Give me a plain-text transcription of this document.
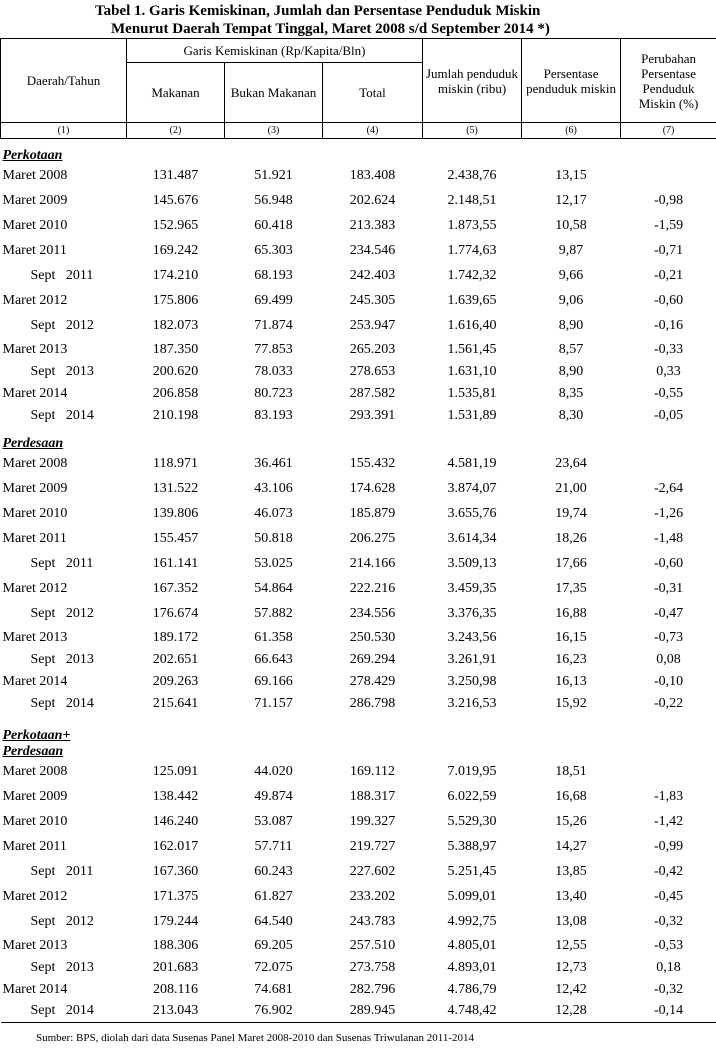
Tabel 1. Garis Kemiskinan, Jumlah dan Persentase Penduduk Miskin
Menurut Daerah Tempat Tinggal, Maret 2008 s/d September 2014 *)
Daerah/Tahun	Garis Kemiskinan (Rp/Kapita/Bln)			Jumlah penduduk miskin (ribu)	Persentase penduduk miskin	Perubahan Persentase Penduduk Miskin (%)
	Makanan	Bukan Makanan	Total			
(1)	(2)	(3)	(4)	(5)	(6)	(7)
Perkotaan						
Maret 2008	131.487	51.921	183.408	2.438,76	13,15	
Maret 2009	145.676	56.948	202.624	2.148,51	12,17	-0,98
Maret 2010	152.965	60.418	213.383	1.873,55	10,58	-1,59
Maret 2011	169.242	65.303	234.546	1.774,63	9,87	-0,71
Sept   2011	174.210	68.193	242.403	1.742,32	9,66	-0,21
Maret 2012	175.806	69.499	245.305	1.639,65	9,06	-0,60
Sept   2012	182.073	71.874	253.947	1.616,40	8,90	-0,16
Maret 2013	187.350	77.853	265.203	1.561,45	8,57	-0,33
Sept   2013	200.620	78.033	278.653	1.631,10	8,90	0,33
Maret 2014	206.858	80.723	287.582	1.535,81	8,35	-0,55
Sept   2014	210.198	83.193	293.391	1.531,89	8,30	-0,05
Perdesaan						
Maret 2008	118.971	36.461	155.432	4.581,19	23,64	
Maret 2009	131.522	43.106	174.628	3.874,07	21,00	-2,64
Maret 2010	139.806	46.073	185.879	3.655,76	19,74	-1,26
Maret 2011	155.457	50.818	206.275	3.614,34	18,26	-1,48
Sept   2011	161.141	53.025	214.166	3.509,13	17,66	-0,60
Maret 2012	167.352	54.864	222.216	3.459,35	17,35	-0,31
Sept   2012	176.674	57.882	234.556	3.376,35	16,88	-0,47
Maret 2013	189.172	61.358	250.530	3.243,56	16,15	-0,73
Sept   2013	202.651	66.643	269.294	3.261,91	16,23	0,08
Maret 2014	209.263	69.166	278.429	3.250,98	16,13	-0,10
Sept   2014	215.641	71.157	286.798	3.216,53	15,92	-0,22
Perkotaan+ Perdesaan						
Maret 2008	125.091	44.020	169.112	7.019,95	18,51	
Maret 2009	138.442	49.874	188.317	6.022,59	16,68	-1,83
Maret 2010	146.240	53.087	199.327	5.529,30	15,26	-1,42
Maret 2011	162.017	57.711	219.727	5.388,97	14,27	-0,99
Sept   2011	167.360	60.243	227.602	5.251,45	13,85	-0,42
Maret 2012	171.375	61.827	233.202	5.099,01	13,40	-0,45
Sept   2012	179.244	64.540	243.783	4.992,75	13,08	-0,32
Maret 2013	188.306	69.205	257.510	4.805,01	12,55	-0,53
Sept   2013	201.683	72.075	273.758	4.893,01	12,73	0,18
Maret 2014	208.116	74.681	282.796	4.786,79	12,42	-0,32
Sept   2014	213.043	76.902	289.945	4.748,42	12,28	-0,14
Sumber: BPS, diolah dari data Susenas Panel Maret 2008-2010 dan Susenas Triwulanan 2011-2014
